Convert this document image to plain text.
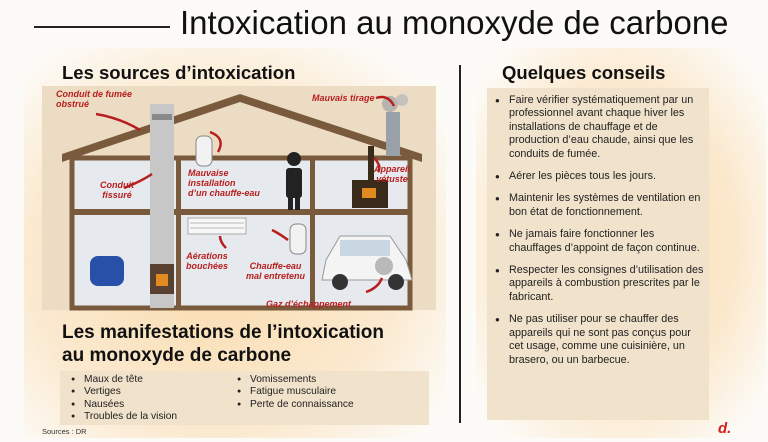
Intoxication au monoxyde de carbone
Les sources d’intoxication
Conduit de fumée
obstrué
Mauvais tirage
Conduit
fissuré
Mauvaise
installation
d’un chauffe-eau
Appareil
vétuste
Aérations
bouchées	Chauffe-eau
mal entretenu
Gaz d’échappement
Les manifestations de l’intoxication
au monoxyde de carbone
● Maux de tête
● Vertiges
● Nausées
● Troubles de la vision
● Vomissements
● Fatigue musculaire
● Perte de connaissance
Quelques conseils
● Faire vérifier systématiquement par un professionnel avant chaque hiver les installations de chauffage et de production d’eau chaude, ainsi que les conduits de fumée.
● Aérer les pièces tous les jours.
● Maintenir les systèmes de ventilation en bon état de fonctionnement.
● Ne jamais faire fonctionner les chauffages d’appoint de façon continue.
● Respecter les consignes d’utilisation des appareils à combustion prescrites par le fabricant.
● Ne pas utiliser pour se chauffer des appareils qui ne sont pas conçus pour cet usage, comme une cuisinière, un brasero, ou un barbecue.
Sources : DR	d.
